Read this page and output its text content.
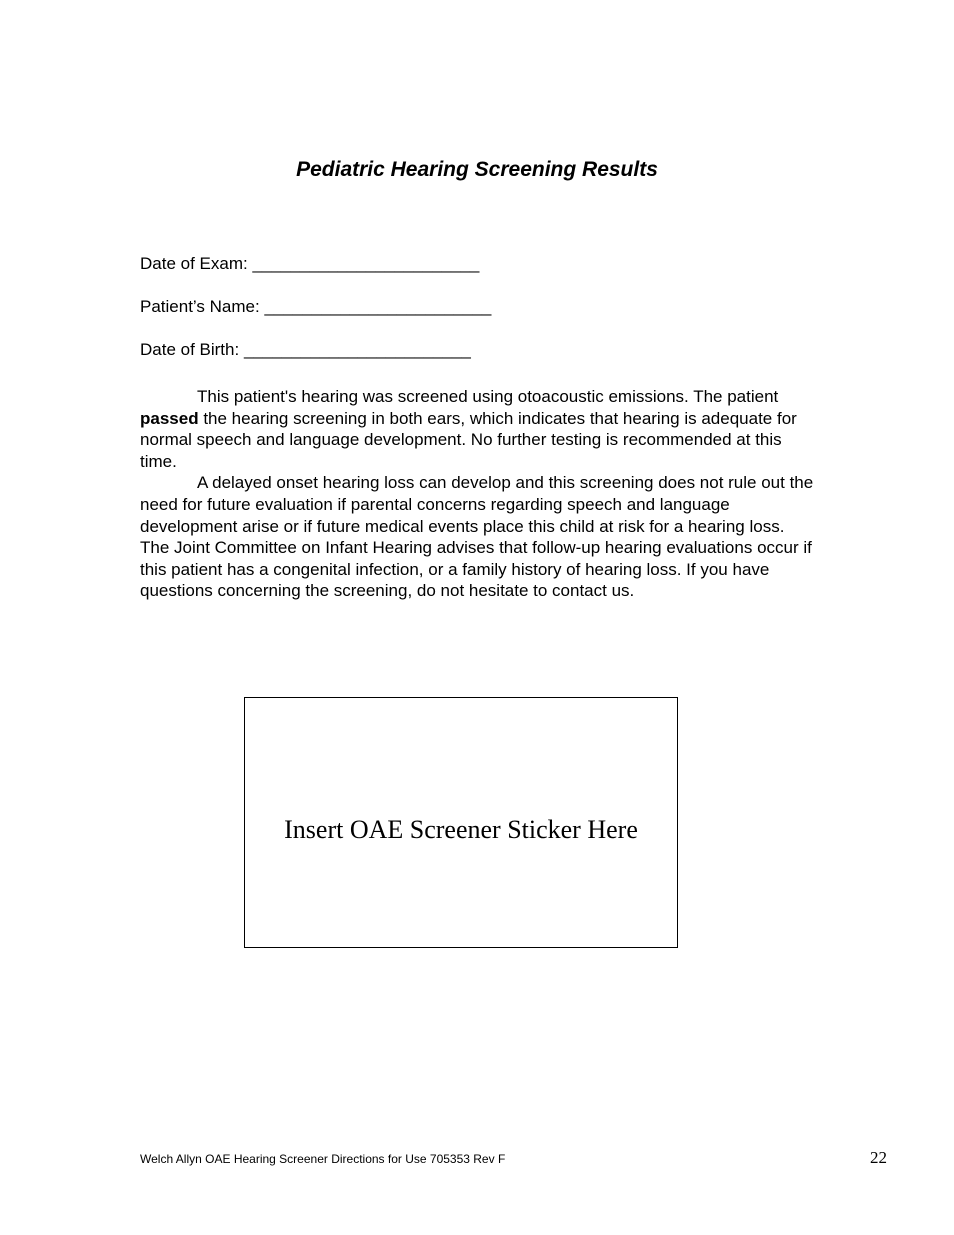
Pediatric Hearing Screening Results
Date of Exam: ________________________
Patient’s Name: ________________________
Date of Birth: ________________________

This patient's hearing was screened using otoacoustic emissions. The patient passed the hearing screening in both ears, which indicates that hearing is adequate for normal speech and language development. No further testing is recommended at this time.

A delayed onset hearing loss can develop and this screening does not rule out the need for future evaluation if parental concerns regarding speech and language development arise or if future medical events place this child at risk for a hearing loss. The Joint Committee on Infant Hearing advises that follow-up hearing evaluations occur if this patient has a congenital infection, or a family history of hearing loss. If you have questions concerning the screening, do not hesitate to contact us.

Insert OAE Screener Sticker Here
Welch Allyn OAE Hearing Screener Directions for Use 705353 Rev F	22
